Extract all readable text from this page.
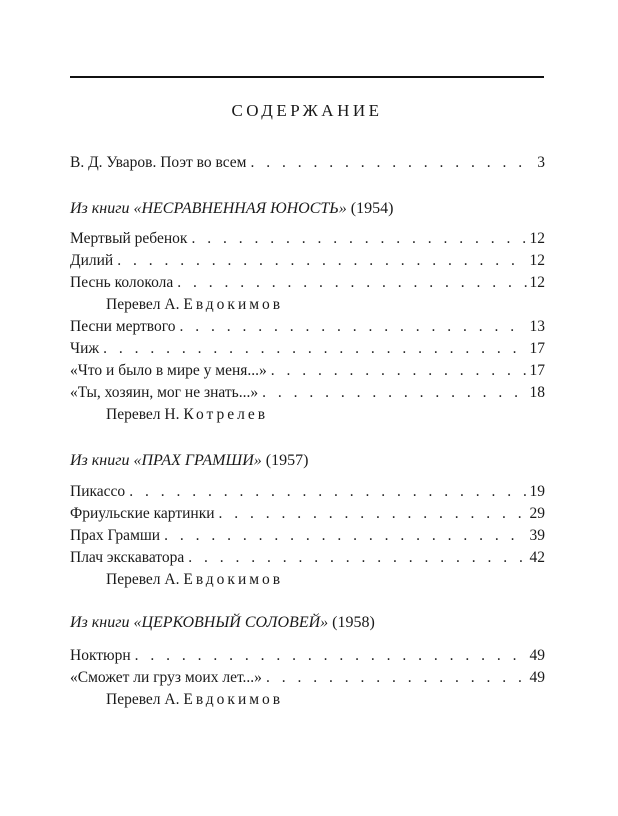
СОДЕРЖАНИЕ
В. Д. Уваров. Поэт во всем . . .	3
Из книги «НЕСРАВНЕННАЯ ЮНОСТЬ» (1954)
Мертвый ребенок . . .	12
Дилий . . .	12
Песнь колокола . . .	12
Перевел А. Евдокимов
Песни мертвого . . .	13
Чиж . . .	17
«Что и было в мире у меня...» . . .	17
«Ты, хозяин, мог не знать...» . . .	18
Перевел Н. Котрелев
Из книги «ПРАХ ГРАМШИ» (1957)
Пикассо . . .	19
Фриульские картинки . . .	29
Прах Грамши . . .	39
Плач экскаватора . . .	42
Перевел А. Евдокимов
Из книги «ЦЕРКОВНЫЙ СОЛОВЕЙ» (1958)
Ноктюрн . . .	49
«Сможет ли груз моих лет...» . . .	49
Перевел А. Евдокимов
